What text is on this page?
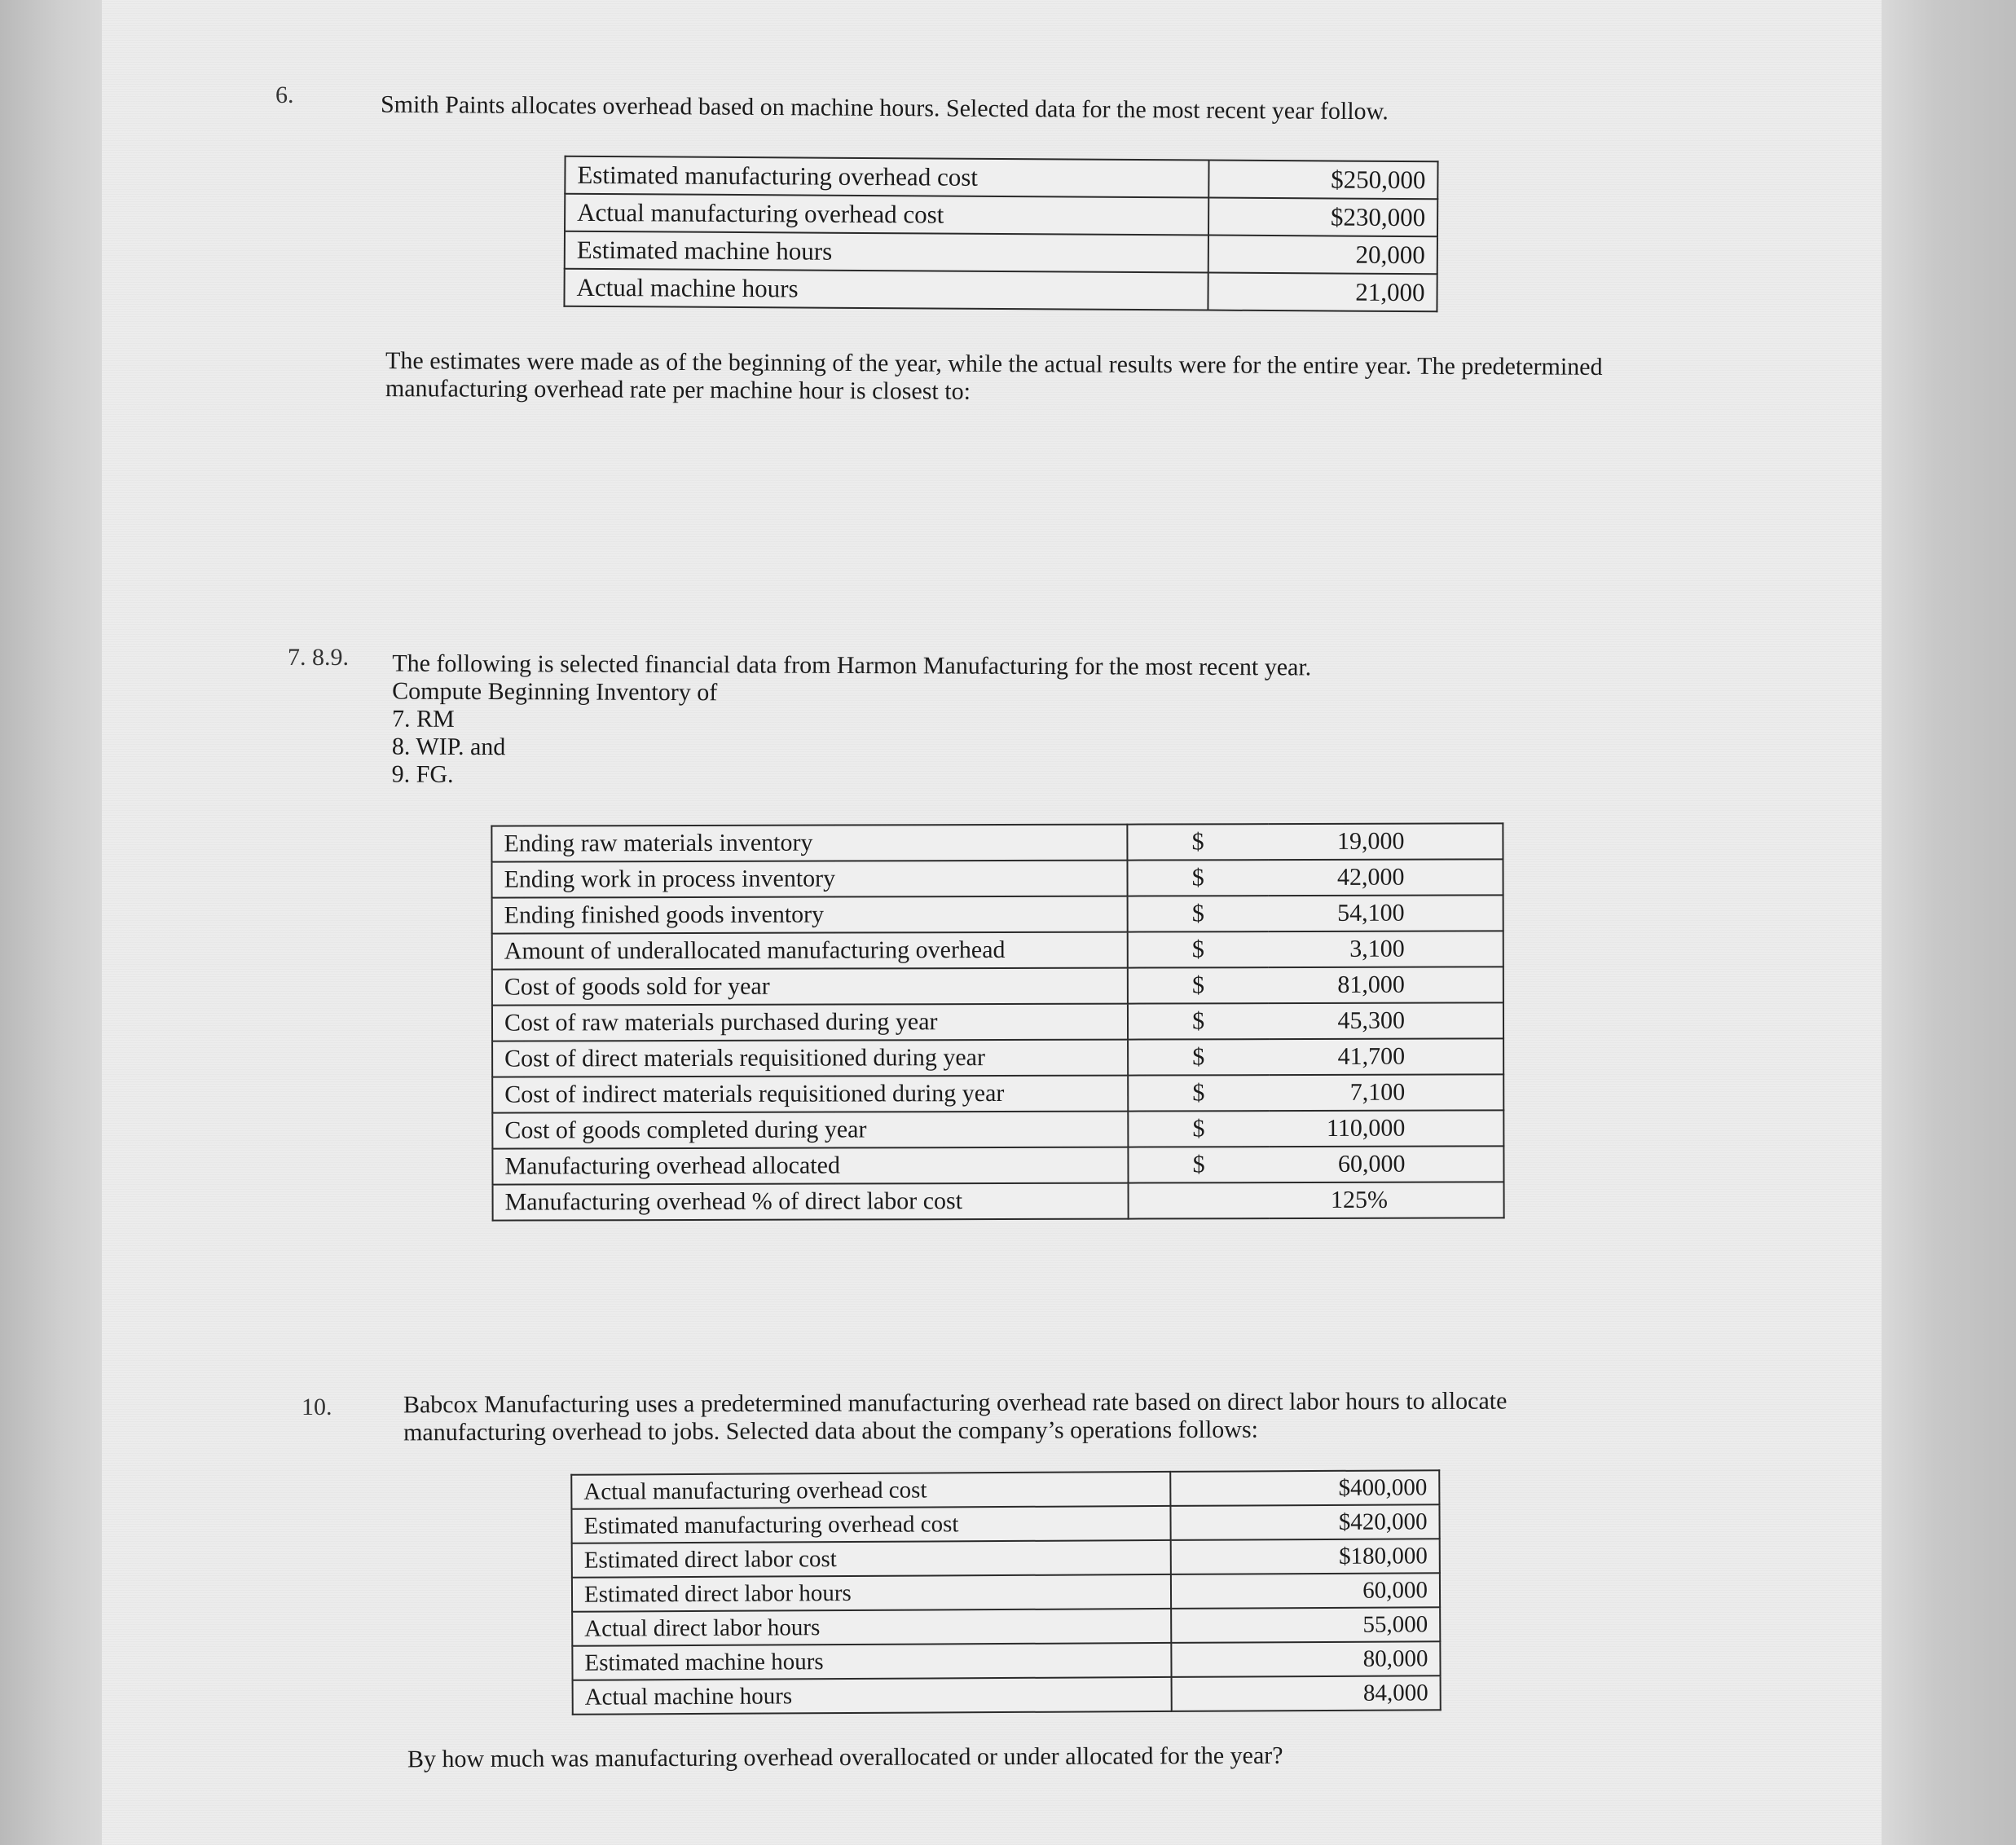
6.	Smith Paints allocates overhead based on machine hours. Selected data for the most recent year follow.
Estimated manufacturing overhead cost	$250,000
Actual manufacturing overhead cost	$230,000
Estimated machine hours	20,000
Actual machine hours	21,000

The estimates were made as of the beginning of the year, while the actual results were for the entire year. The predetermined

manufacturing overhead rate per machine hour is closest to:

7. 8.9. The following is selected financial data from Harmon Manufacturing for the most recent year.

Compute Beginning Inventory of

7. RM

8. WIP. and

9. FG.

Ending raw materials inventory	$	19,000
Ending work in process inventory	$	42,000
Ending finished goods inventory	$	54,100
Amount of underallocated manufacturing overhead	$	3,100
Cost of goods sold for year	$	81,000
Cost of raw materials purchased during year	$	45,300
Cost of direct materials requisitioned during year	$	41,700
Cost of indirect materials requisitioned during year	$	7,100
Cost of goods completed during year	$	110,000
Manufacturing overhead allocated	$	60,000
Manufacturing overhead % of direct labor cost	125%	
10.	Babcox Manufacturing uses a predetermined manufacturing overhead rate based on direct labor hours to allocate

manufacturing overhead to jobs. Selected data about the company’s operations follows:

Actual manufacturing overhead cost	$400,000
Estimated manufacturing overhead cost	$420,000
Estimated direct labor cost	$180,000
Estimated direct labor hours	60,000
Actual direct labor hours	55,000
Estimated machine hours	80,000
Actual machine hours	84,000
By how much was manufacturing overhead overallocated or under allocated for the year?
